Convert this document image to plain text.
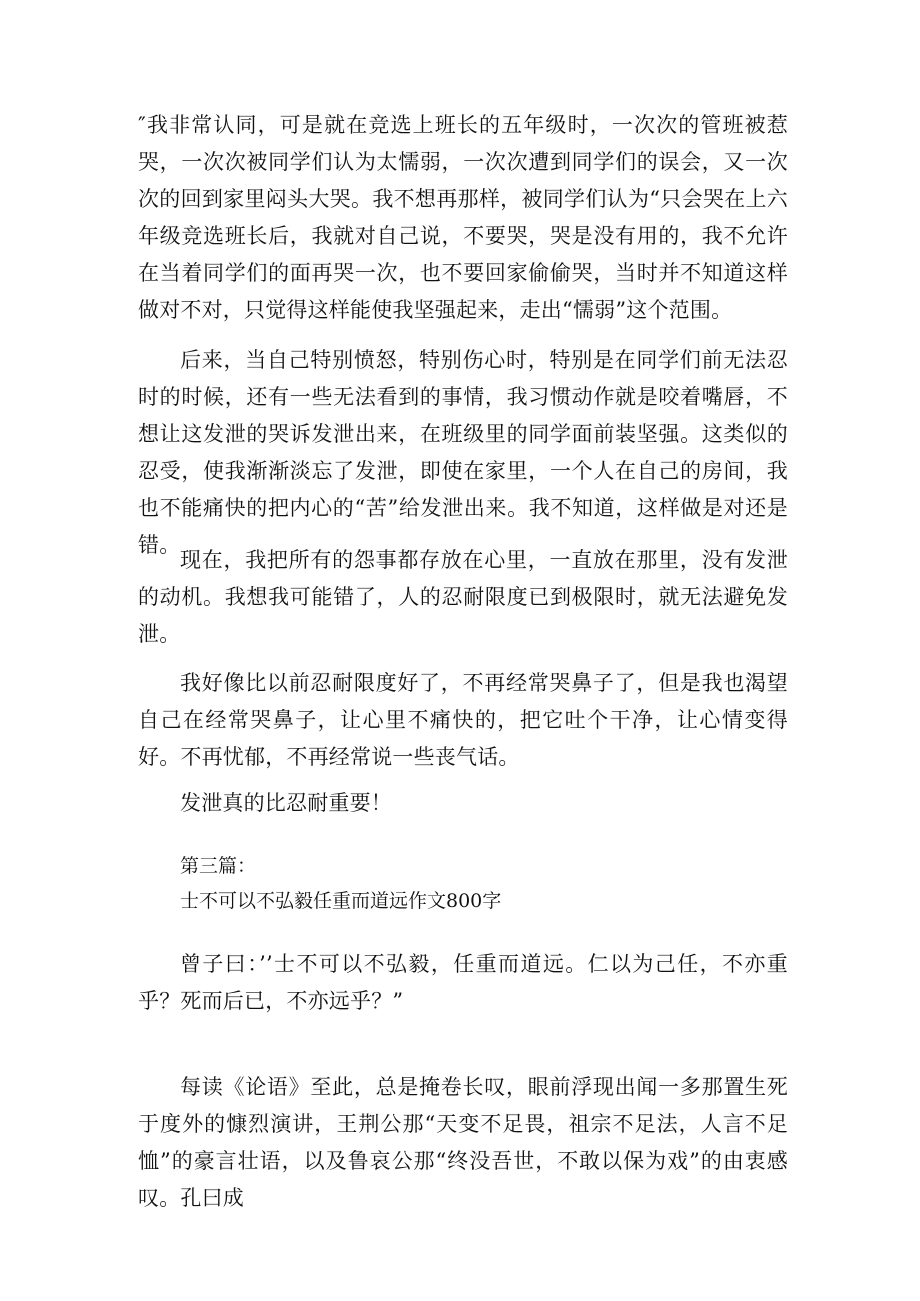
″我非常认同，可是就在竞选上班长的五年级时，一次次的管班被惹哭，一次次被同学们认为太懦弱，一次次遭到同学们的误会，又一次次的回到家里闷头大哭。我不想再那样，被同学们认为“只会哭在上六年级竞选班长后，我就对自己说，不要哭，哭是没有用的，我不允许在当着同学们的面再哭一次，也不要回家偷偷哭，当时并不知道这样做对不对，只觉得这样能使我坚强起来，走出“懦弱”这个范围。

后来，当自己特别愤怒，特别伤心时，特别是在同学们前无法忍时的时候，还有一些无法看到的事情，我习惯动作就是咬着嘴唇，不想让这发泄的哭诉发泄出来，在班级里的同学面前装坚强。这类似的忍受，使我渐渐淡忘了发泄，即使在家里，一个人在自己的房间，我也不能痛快的把内心的“苦”给发泄出来。我不知道，这样做是对还是错。

现在，我把所有的怨事都存放在心里，一直放在那里，没有发泄的动机。我想我可能错了，人的忍耐限度已到极限时，就无法避免发泄。

我好像比以前忍耐限度好了，不再经常哭鼻子了，但是我也渴望自己在经常哭鼻子，让心里不痛快的，把它吐个干净，让心情变得好。不再忧郁，不再经常说一些丧气话。

发泄真的比忍耐重要！

第三篇：

士不可以不弘毅任重而道远作文800字

曾子曰：’’士不可以不弘毅，任重而道远。仁以为己任，不亦重乎？死而后已，不亦远乎？”

每读《论语》至此，总是掩卷长叹，眼前浮现出闻一多那置生死于度外的慷烈演讲，王荆公那“天变不足畏，祖宗不足法，人言不足恤”的豪言壮语，以及鲁哀公那“终没吾世，不敢以保为戏”的由衷感叹。孔曰成
